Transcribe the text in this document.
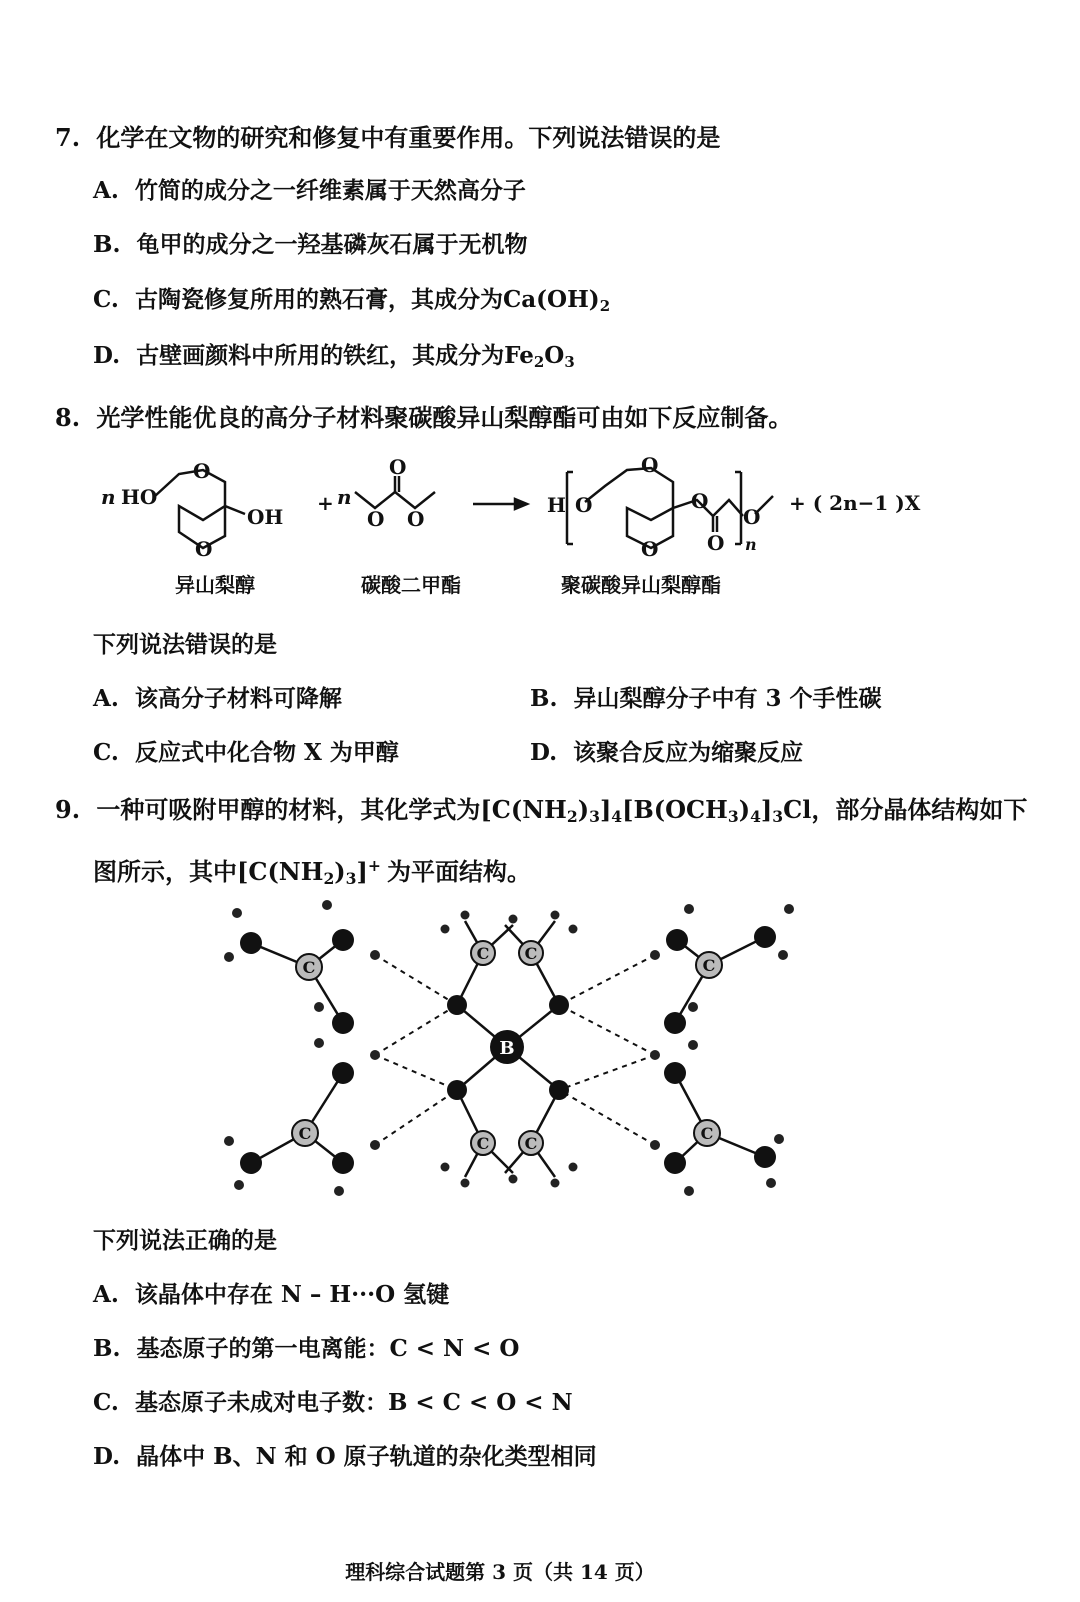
7. 化学在文物的研究和修复中有重要作用。下列说法错误的是
A. 竹简的成分之一纤维素属于天然高分子
B. 龟甲的成分之一羟基磷灰石属于无机物
C. 古陶瓷修复所用的熟石膏，其成分为$Ca(OH)_2$
D. 古壁画颜料中所用的铁红，其成分为$Fe_2O_3$
8. 光学性能优良的高分子材料聚碳酸异山梨醇酯可由如下反应制备。
n HO
O
O
OH
+ n
O
O O
H O
O
O
O
O
O
n
+ ( 2n−1 )X
异山梨醇	碳酸二甲酯	聚碳酸异山梨醇酯
下列说法错误的是
A. 该高分子材料可降解	B. 异山梨醇分子中有 3 个手性碳
C. 反应式中化合物 X 为甲醇	D. 该聚合反应为缩聚反应
9. 一种可吸附甲醇的材料，其化学式为$[C(NH_2)_3]_4[B(OCH_3)_4]_3Cl$，部分晶体结构如下
图所示，其中$[C(NH_2)_3]^+$ 为平面结构。
C
C
C
C
C C
C C
B
下列说法正确的是
A. 该晶体中存在 N – H···O 氢键
B. 基态原子的第一电离能：C < N < O
C. 基态原子未成对电子数：B < C < O < N
D. 晶体中 B、N 和 O 原子轨道的杂化类型相同
理科综合试题第 3 页（共 14 页）
